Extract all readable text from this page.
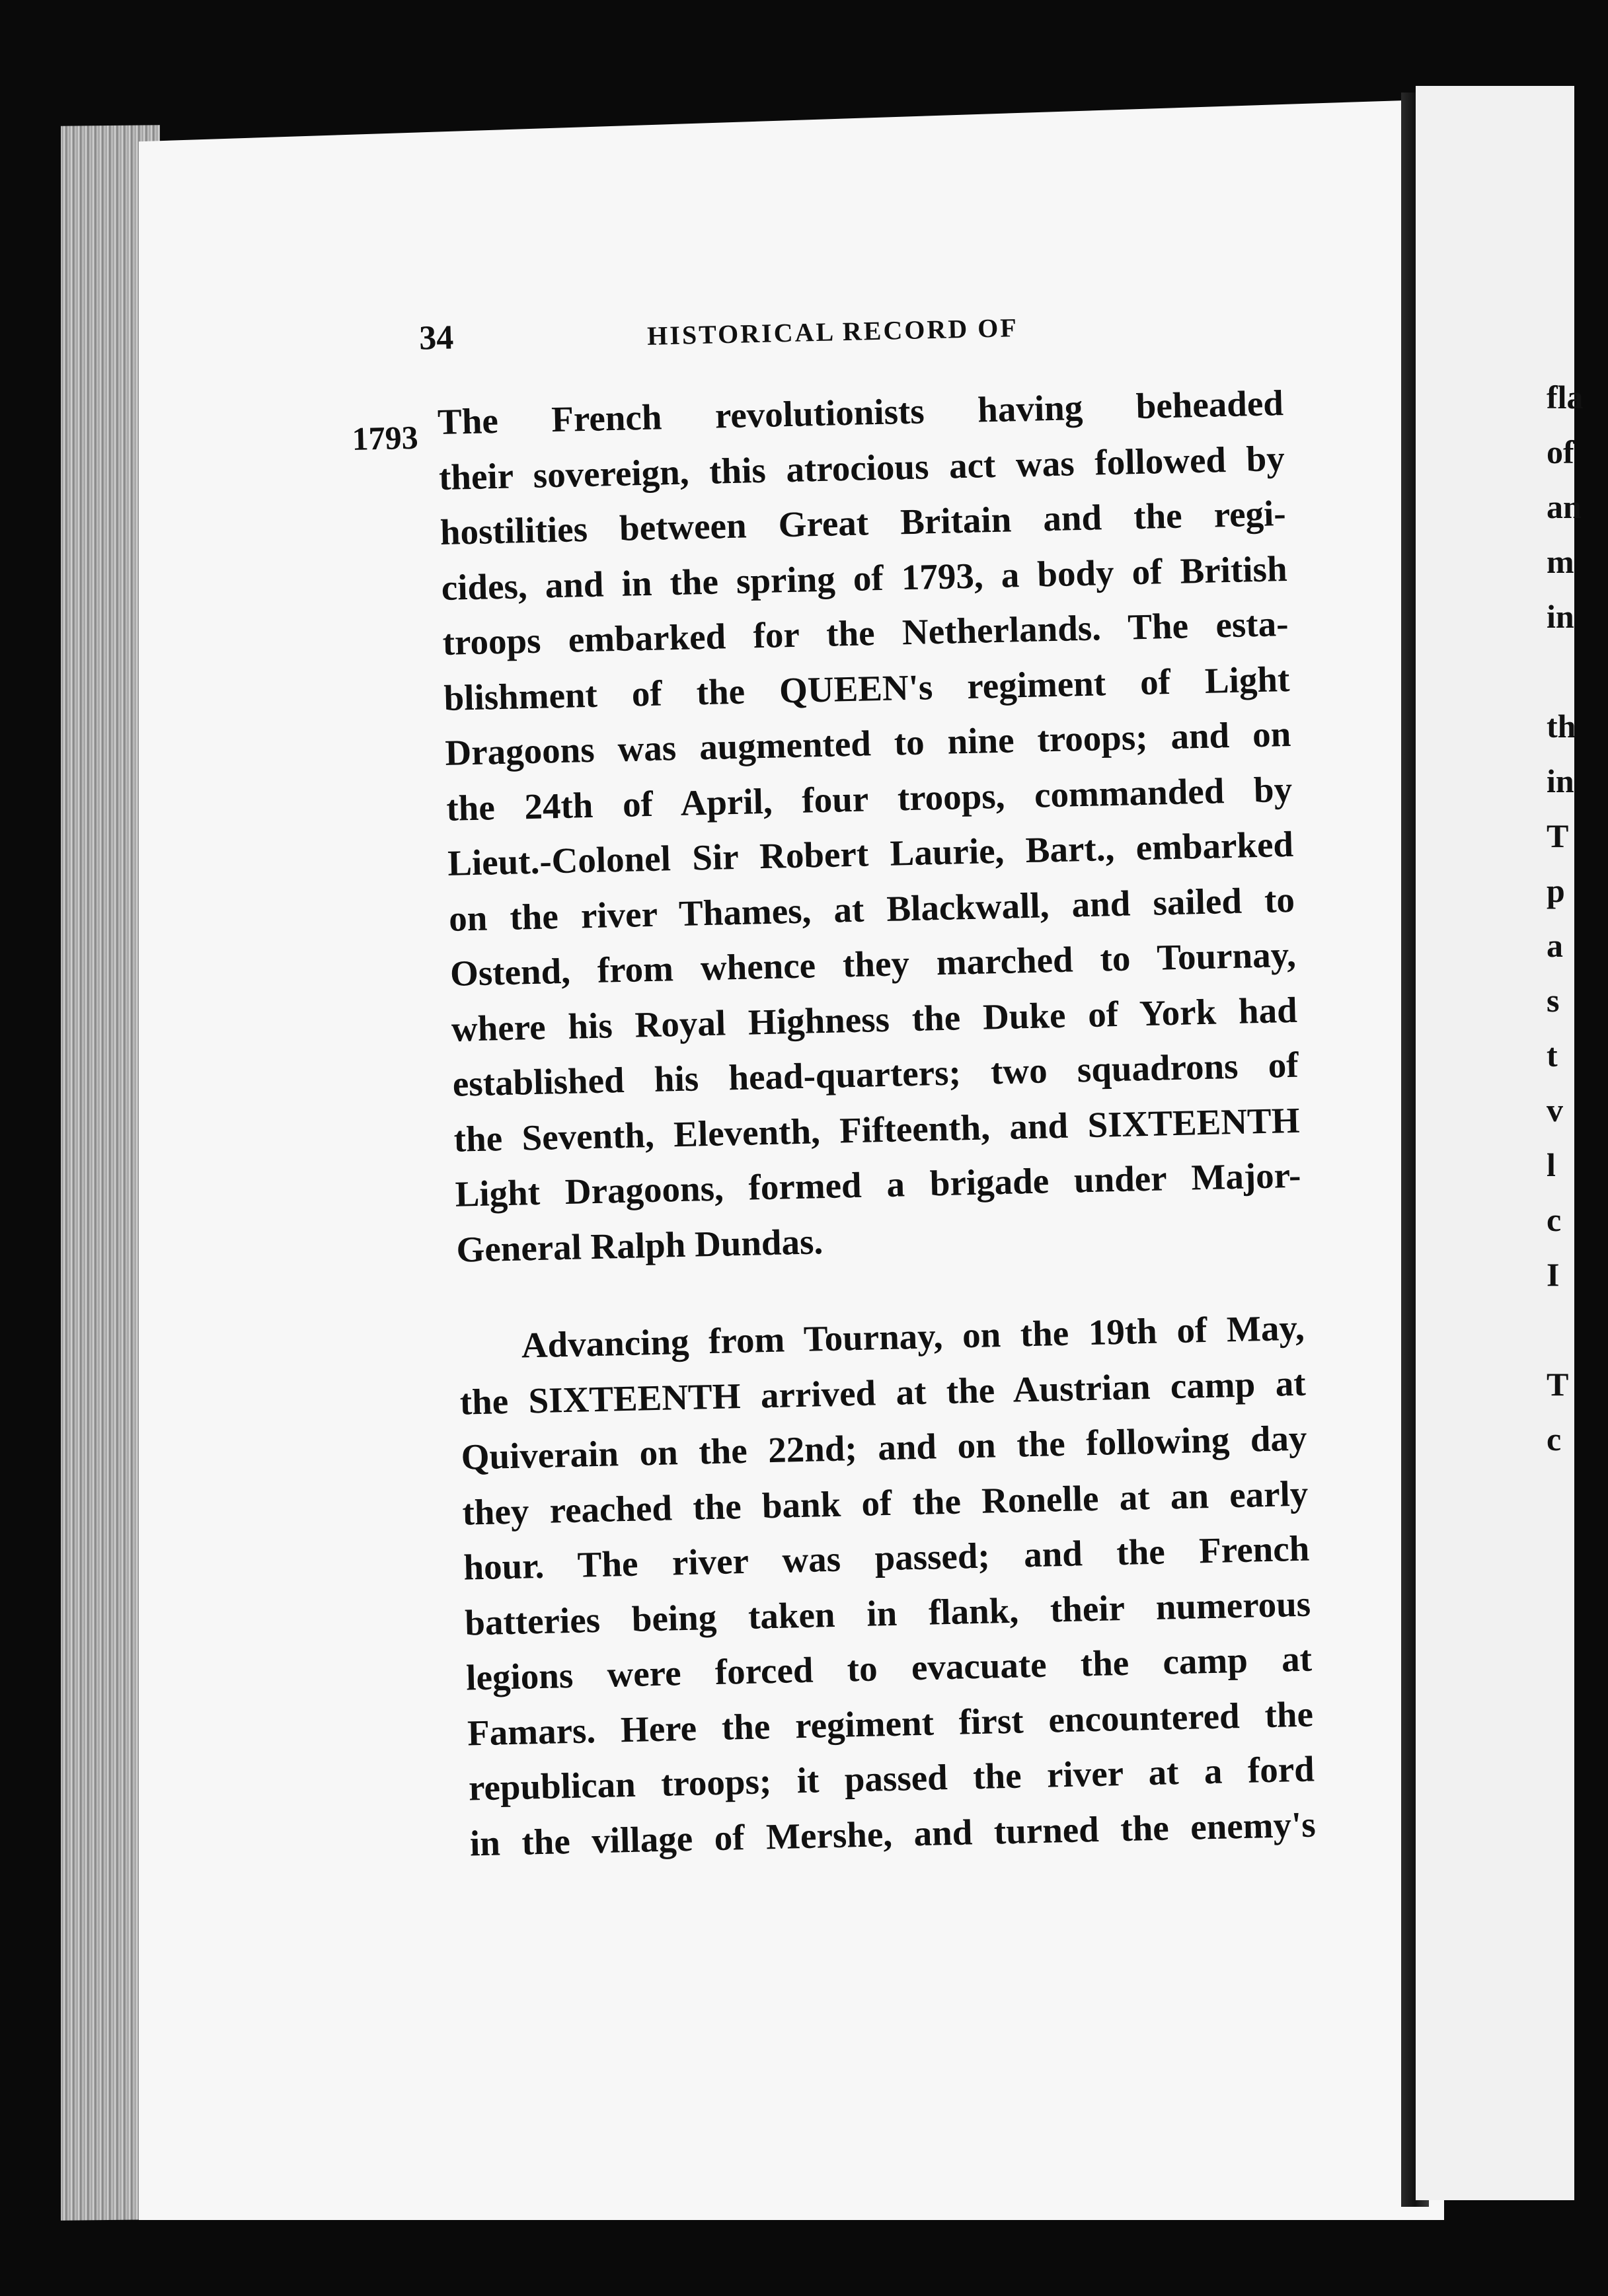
34	HISTORICAL RECORD OF
1793 The French revolutionists having beheaded
their sovereign, this atrocious act was followed by
hostilities between Great Britain and the regi-
cides, and in the spring of 1793, a body of British
troops embarked for the Netherlands. The esta-
blishment of the QUEEN's regiment of Light
Dragoons was augmented to nine troops; and on
the 24th of April, four troops, commanded by
Lieut.-Colonel Sir Robert Laurie, Bart., embarked
on the river Thames, at Blackwall, and sailed to
Ostend, from whence they marched to Tournay,
where his Royal Highness the Duke of York had
established his head-quarters; two squadrons of
the Seventh, Eleventh, Fifteenth, and SIXTEENTH
Light Dragoons, formed a brigade under Major-
General Ralph Dundas.

Advancing from Tournay, on the 19th of May,
the SIXTEENTH arrived at the Austrian camp at
Quiverain on the 22nd; and on the following day
they reached the bank of the Ronelle at an early
hour. The river was passed; and the French
batteries being taken in flank, their numerous
legions were forced to evacuate the camp at
Famars. Here the regiment first encountered the
republican troops; it passed the river at a ford
in the village of Mershe, and turned the enemy's

fla
of
an
m
in

th
in
T
p
a
s
t
v
l
c
I

T
c
